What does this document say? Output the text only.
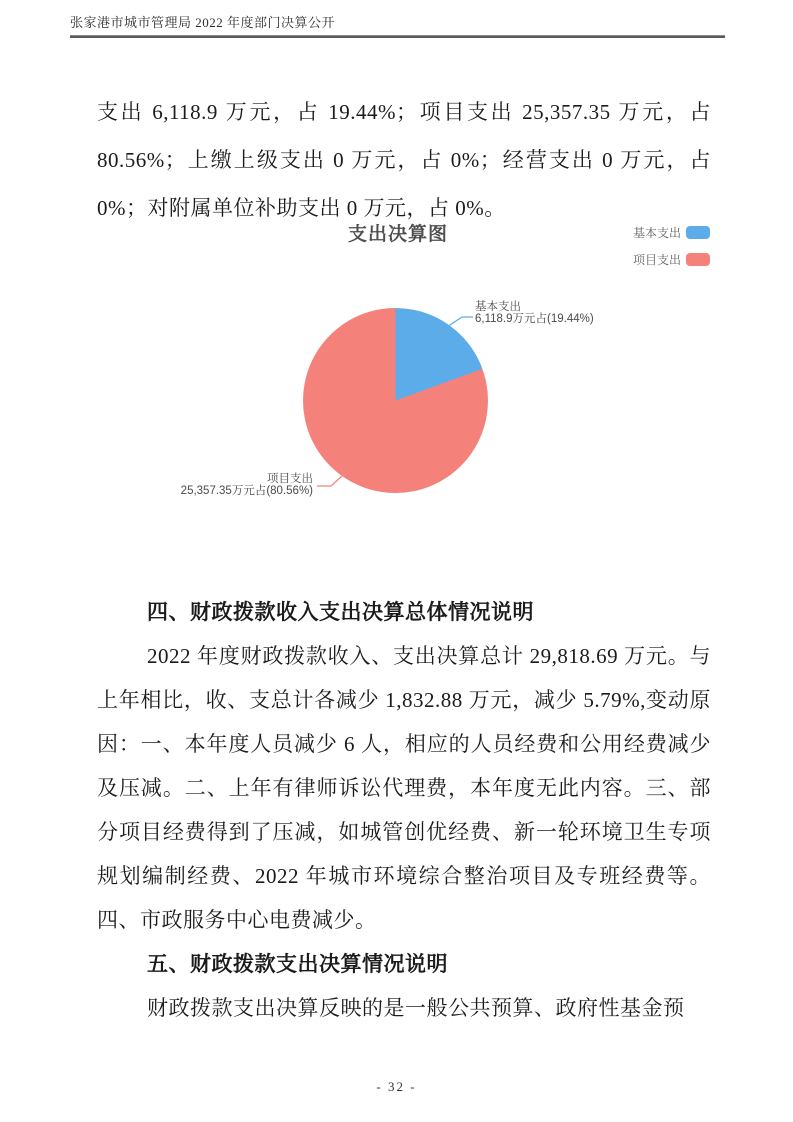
张家港市城市管理局 2022 年度部门决算公开

支出 6,118.9 万元，占 19.44%；项目支出 25,357.35 万元，占 80.56%；上缴上级支出 0 万元，占 0%；经营支出 0 万元，占 0%；对附属单位补助支出 0 万元，占 0%。

支出决算图	基本支出
项目支出
基本支出
6,118.9万元占(19.44%)
项目支出
25,357.35万元占(80.56%)
四、财政拨款收入支出决算总体情况说明

2022 年度财政拨款收入、支出决算总计 29,818.69 万元。与上年相比，收、支总计各减少 1,832.88 万元，减少 5.79%,变动原因：一、本年度人员减少 6 人，相应的人员经费和公用经费减少及压减。二、上年有律师诉讼代理费，本年度无此内容。三、部分项目经费得到了压减，如城管创优经费、新一轮环境卫生专项规划编制经费、2022 年城市环境综合整治项目及专班经费等。四、市政服务中心电费减少。

五、财政拨款支出决算情况说明

财政拨款支出决算反映的是一般公共预算、政府性基金预

- 32 -
